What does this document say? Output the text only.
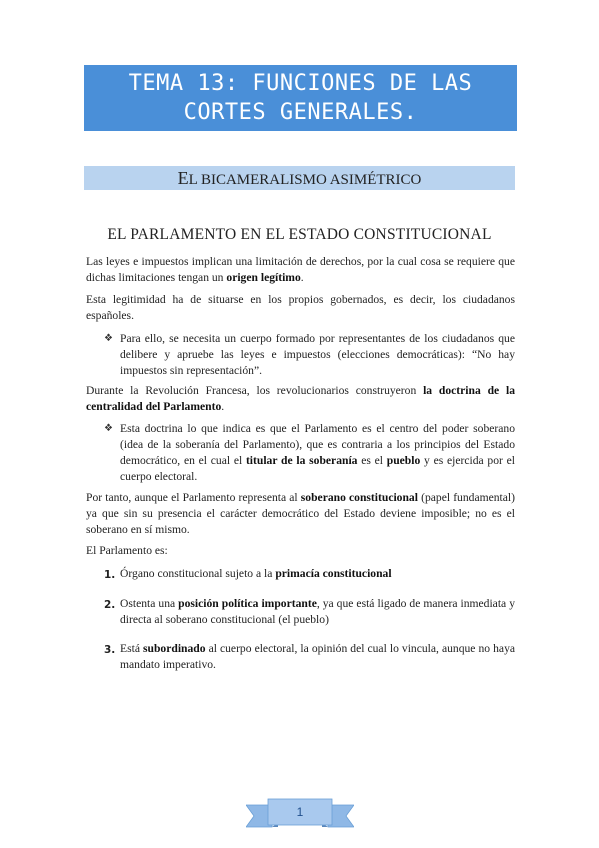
TEMA 13: FUNCIONES DE LAS CORTES GENERALES.
EL BICAMERALISMO ASIMÉTRICO
EL PARLAMENTO EN EL ESTADO CONSTITUCIONAL

Las leyes e impuestos implican una limitación de derechos, por la cual cosa se requiere que dichas limitaciones tengan un origen legítimo.

Esta legitimidad ha de situarse en los propios gobernados, es decir, los ciudadanos españoles.

❖ Para ello, se necesita un cuerpo formado por representantes de los ciudadanos que delibere y apruebe las leyes e impuestos (elecciones democráticas): “No hay impuestos sin representación”.

Durante la Revolución Francesa, los revolucionarios construyeron la doctrina de la centralidad del Parlamento.

❖ Esta doctrina lo que indica es que el Parlamento es el centro del poder soberano (idea de la soberanía del Parlamento), que es contraria a los principios del Estado democrático, en el cual el titular de la soberanía es el pueblo y es ejercida por el cuerpo electoral.

Por tanto, aunque el Parlamento representa al soberano constitucional (papel fundamental) ya que sin su presencia el carácter democrático del Estado deviene imposible; no es el soberano en sí mismo.

El Parlamento es:

1. Órgano constitucional sujeto a la primacía constitucional

2. Ostenta una posición política importante, ya que está ligado de manera inmediata y directa al soberano constitucional (el pueblo)

3. Está subordinado al cuerpo electoral, la opinión del cual lo vincula, aunque no haya mandato imperativo.

1
